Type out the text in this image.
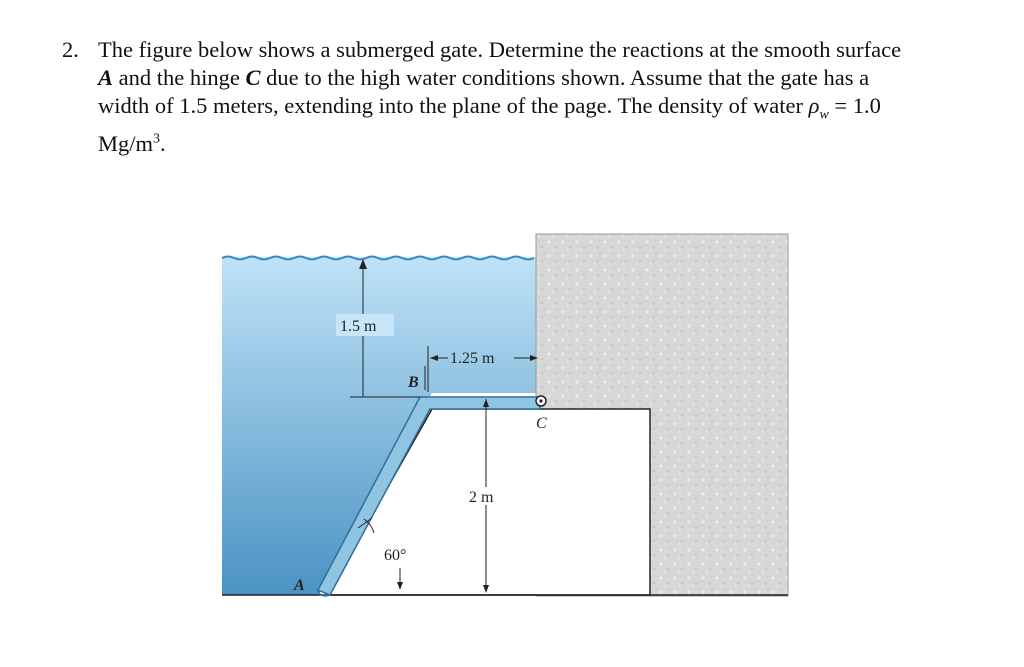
2. The figure below shows a submerged gate. Determine the reactions at the smooth surface
A and the hinge C due to the high water conditions shown. Assume that the gate has a
width of 1.5 meters, extending into the plane of the page. The density of water $\rho_w = 1.0$
$Mg/m^3$.
1.5 m
1.25 m
2 m
60°
A
B
C
